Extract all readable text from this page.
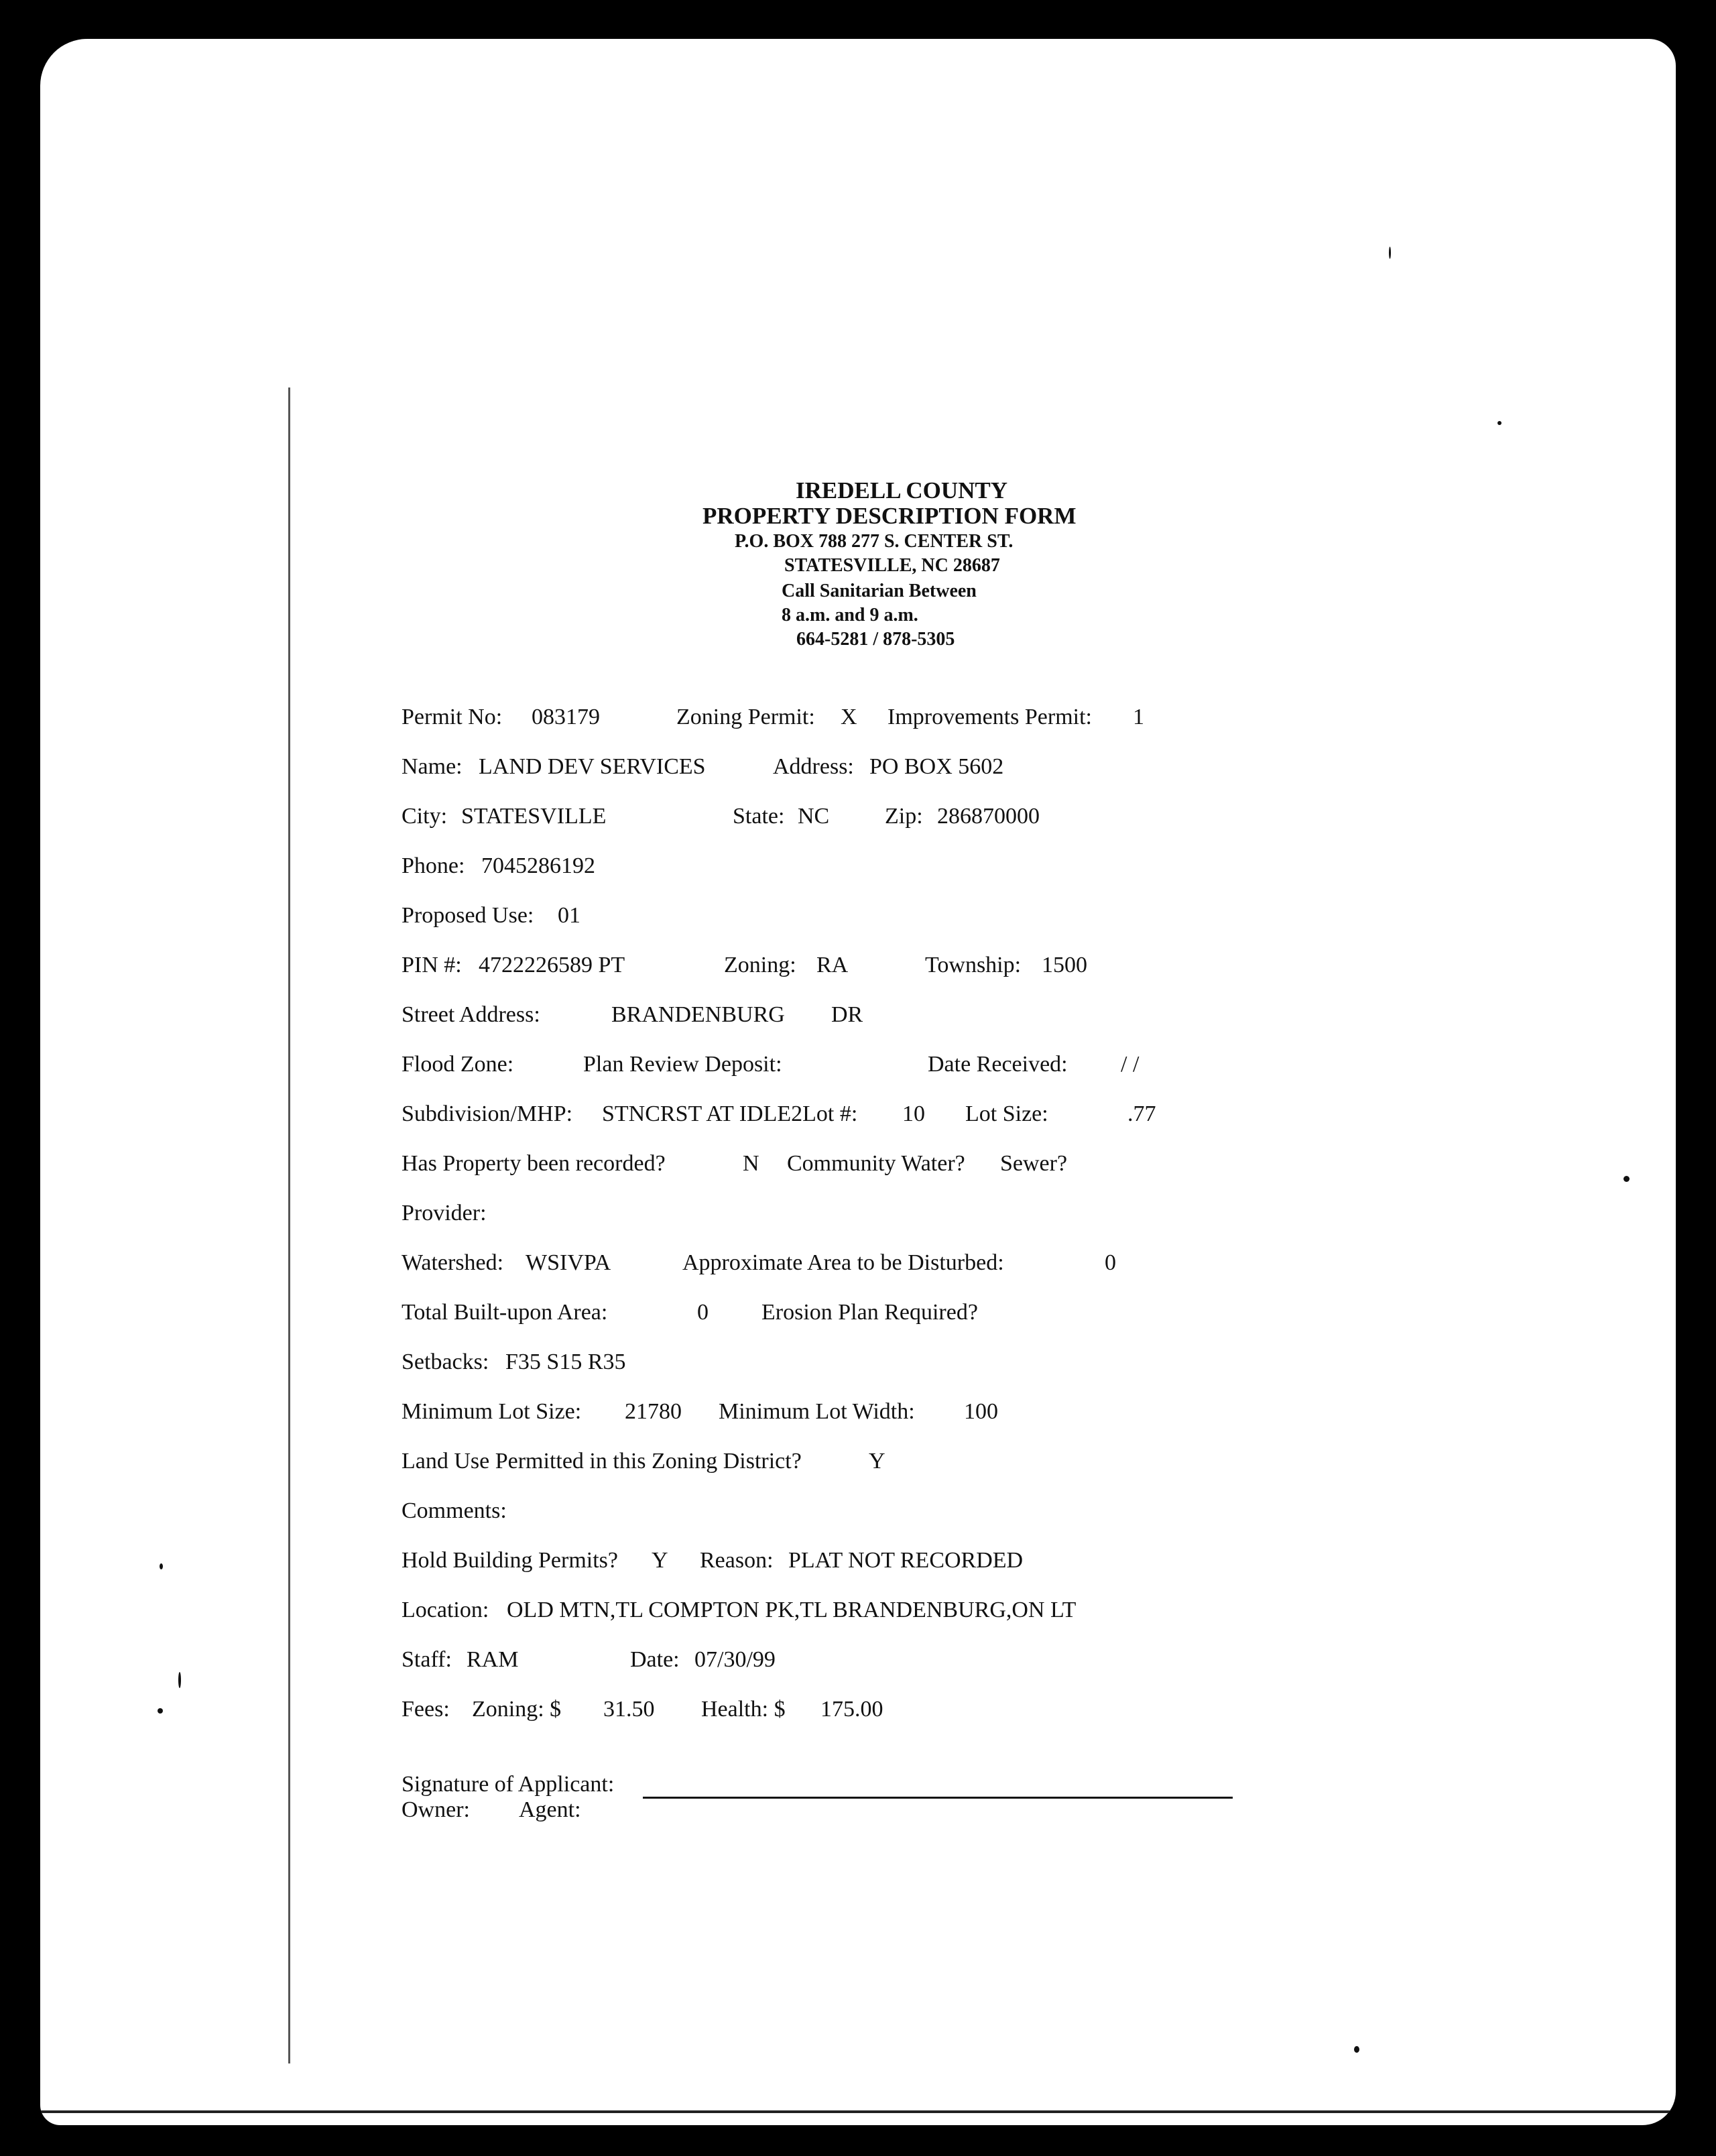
IREDELL COUNTY
PROPERTY DESCRIPTION FORM
P.O. BOX 788 277 S. CENTER ST.
STATESVILLE, NC 28687
Call Sanitarian Between
8 a.m. and 9 a.m.
664-5281 / 878-5305
Permit No: 083179	Zoning Permit: X Improvements Permit: 1
Name: LAND DEV SERVICES	Address: PO BOX 5602
City: STATESVILLE	State: NC Zip: 286870000
Phone: 7045286192
Proposed Use: 01
PIN #: 4722226589 PT	Zoning: RA	Township: 1500
Street Address:	BRANDENBURG DR
Flood Zone:	Plan Review Deposit:	Date Received: / /
Subdivision/MHP: STNCRST AT IDLE2Lot #: 10 Lot Size:	.77
Has Property been recorded?	N Community Water? Sewer?
Provider:
Watershed: WSIVPA	Approximate Area to be Disturbed:	0
Total Built-upon Area:	0 Erosion Plan Required?
Setbacks: F35 S15 R35
Minimum Lot Size: 21780 Minimum Lot Width: 100
Land Use Permitted in this Zoning District?	Y
Comments:
Hold Building Permits? Y Reason: PLAT NOT RECORDED
Location: OLD MTN,TL COMPTON PK,TL BRANDENBURG,ON LT
Staff: RAM	Date: 07/30/99
Fees: Zoning: $ 31.50 Health: $ 175.00
Signature of Applicant:
Owner: Agent:
